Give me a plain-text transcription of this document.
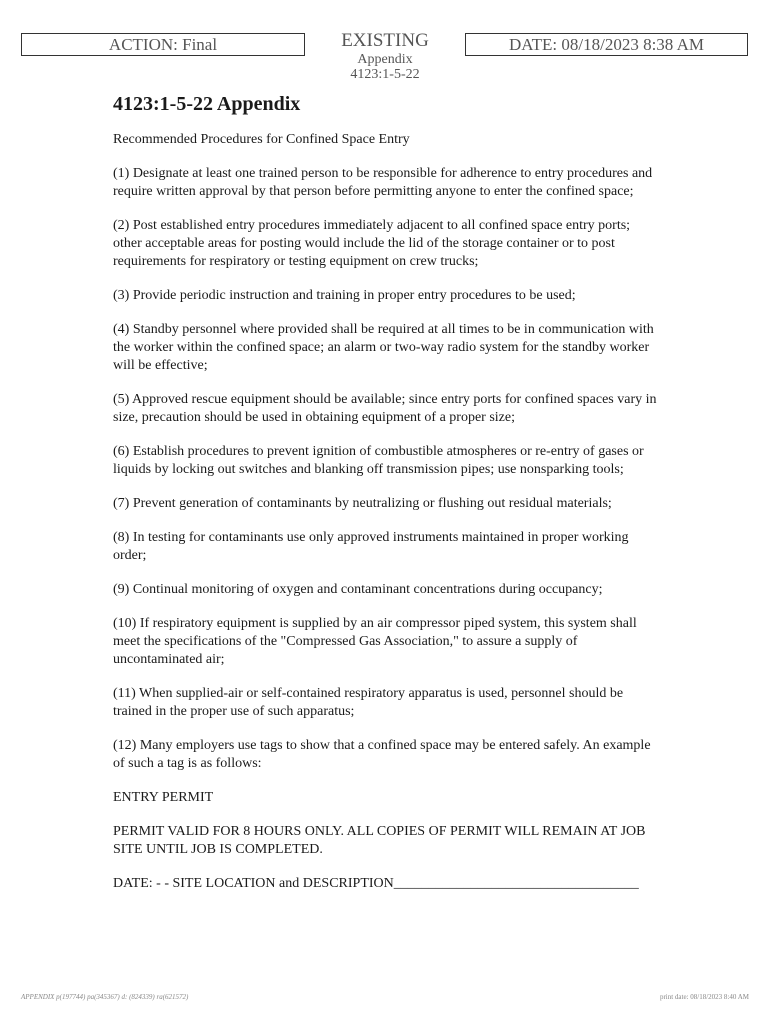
ACTION: Final	EXISTING
Appendix
4123:1-5-22
DATE: 08/18/2023 8:38 AM
4123:1-5-22 Appendix

Recommended Procedures for Confined Space Entry

(1) Designate at least one trained person to be responsible for adherence to entry procedures and require written approval by that person before permitting anyone to enter the confined space;

(2) Post established entry procedures immediately adjacent to all confined space entry ports; other acceptable areas for posting would include the lid of the storage container or to post requirements for respiratory or testing equipment on crew trucks;

(3) Provide periodic instruction and training in proper entry procedures to be used;

(4) Standby personnel where provided shall be required at all times to be in communication with the worker within the confined space; an alarm or two-way radio system for the standby worker will be effective;

(5) Approved rescue equipment should be available; since entry ports for confined spaces vary in size, precaution should be used in obtaining equipment of a proper size;

(6) Establish procedures to prevent ignition of combustible atmospheres or re-entry of gases or liquids by locking out switches and blanking off transmission pipes; use nonsparking tools;

(7) Prevent generation of contaminants by neutralizing or flushing out residual materials;

(8) In testing for contaminants use only approved instruments maintained in proper working order;

(9) Continual monitoring of oxygen and contaminant concentrations during occupancy;

(10) If respiratory equipment is supplied by an air compressor piped system, this system shall meet the specifications of the "Compressed Gas Association," to assure a supply of uncontaminated air;

(11) When supplied-air or self-contained respiratory apparatus is used, personnel should be trained in the proper use of such apparatus;

(12) Many employers use tags to show that a confined space may be entered safely. An example of such a tag is as follows:

ENTRY PERMIT

PERMIT VALID FOR 8 HOURS ONLY. ALL COPIES OF PERMIT WILL REMAIN AT JOB SITE UNTIL JOB IS COMPLETED.

DATE: - - SITE LOCATION and DESCRIPTION___________________________________

APPENDIX p(197744) pa(345367) d: (824339) ra(621572)	print date: 08/18/2023 8:40 AM
